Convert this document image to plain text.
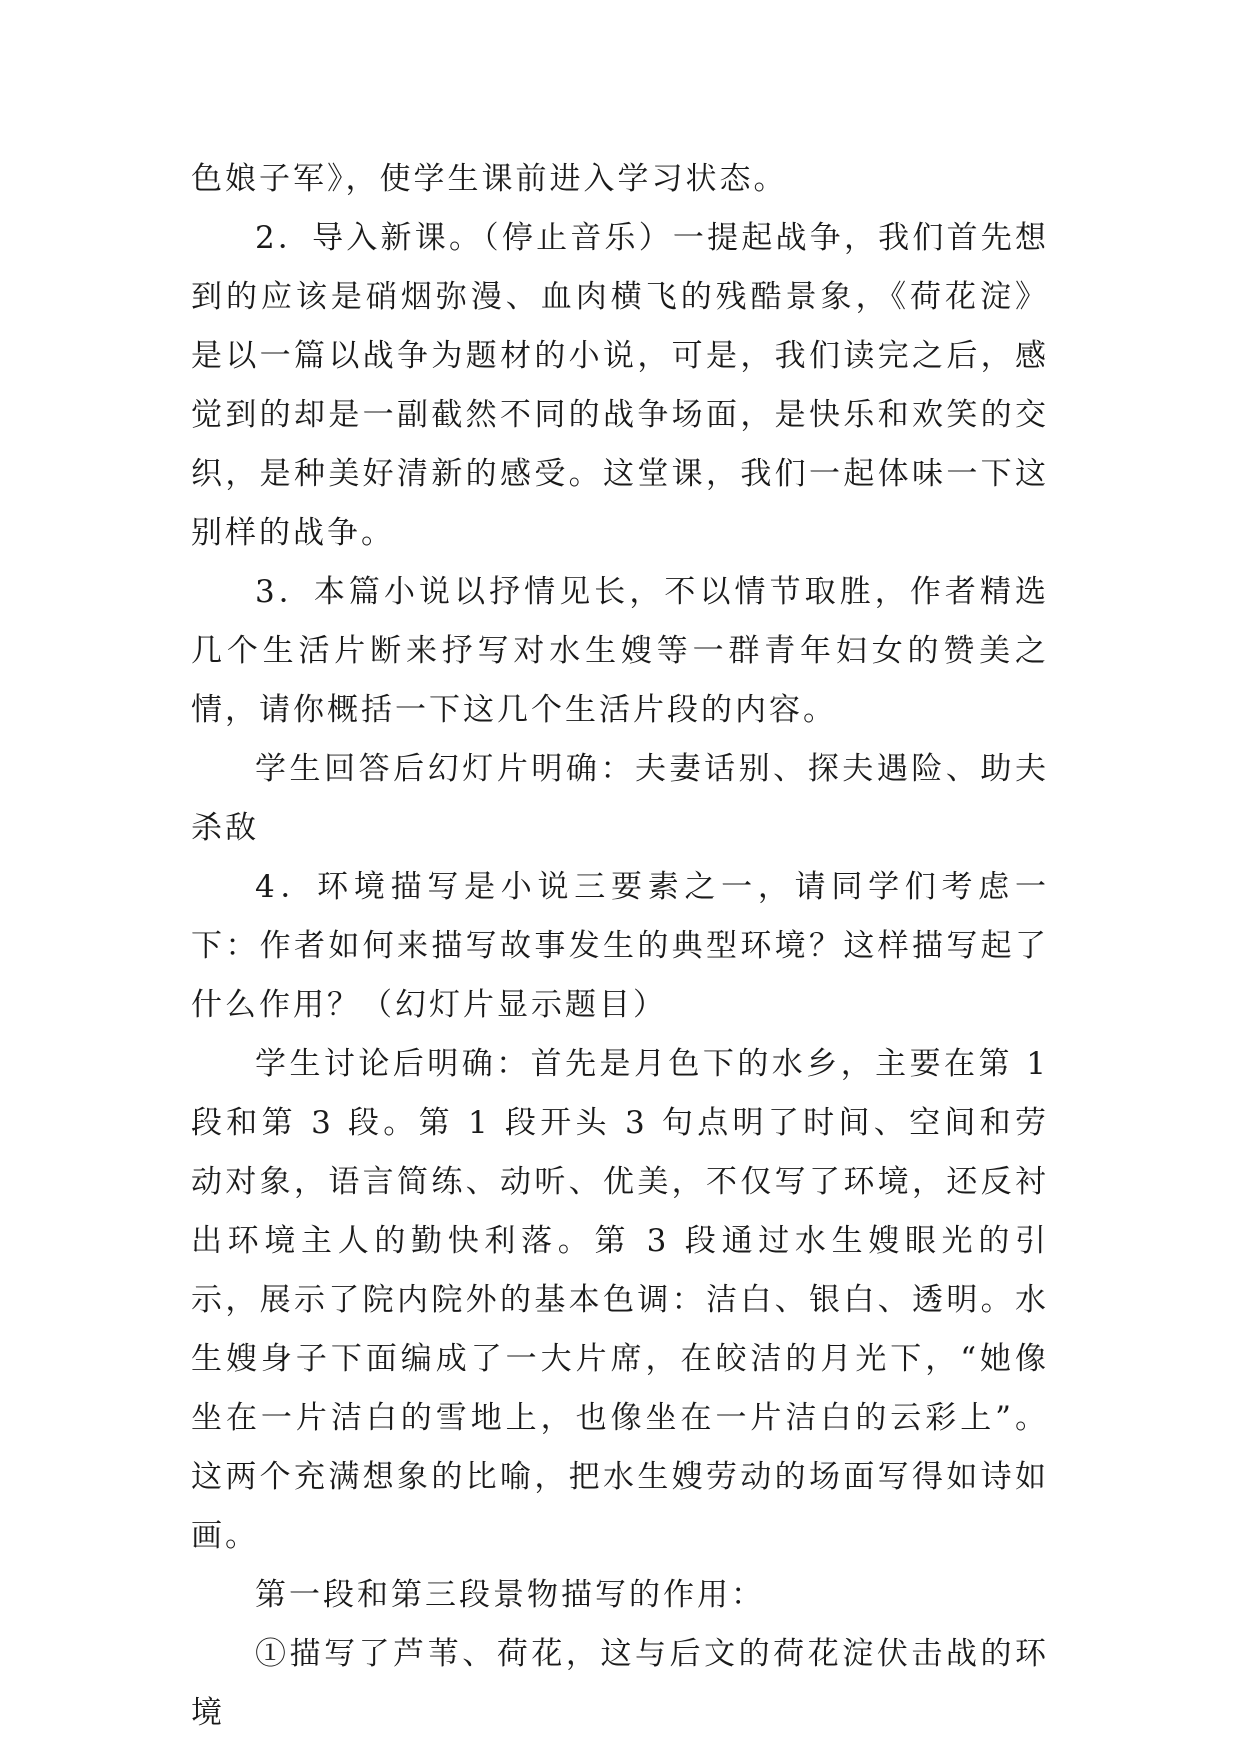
色娘子军》，使学生课前进入学习状态。

2．导入新课。（停止音乐）一提起战争，我们首先想到的应该是硝烟弥漫、血肉横飞的残酷景象，《荷花淀》是以一篇以战争为题材的小说，可是，我们读完之后，感觉到的却是一副截然不同的战争场面，是快乐和欢笑的交织，是种美好清新的感受。这堂课，我们一起体味一下这别样的战争。

3．本篇小说以抒情见长，不以情节取胜，作者精选几个生活片断来抒写对水生嫂等一群青年妇女的赞美之情，请你概括一下这几个生活片段的内容。

学生回答后幻灯片明确：夫妻话别、探夫遇险、助夫杀敌

4．环境描写是小说三要素之一，请同学们考虑一下：作者如何来描写故事发生的典型环境？这样描写起了什么作用？（幻灯片显示题目）

学生讨论后明确：首先是月色下的水乡，主要在第 1 段和第 3 段。第 1 段开头 3 句点明了时间、空间和劳动对象，语言简练、动听、优美，不仅写了环境，还反衬出环境主人的勤快利落。第 3 段通过水生嫂眼光的引示，展示了院内院外的基本色调：洁白、银白、透明。水生嫂身子下面编成了一大片席，在皎洁的月光下，“她像坐在一片洁白的雪地上，也像坐在一片洁白的云彩上”。这两个充满想象的比喻，把水生嫂劳动的场面写得如诗如画。

第一段和第三段景物描写的作用：

①描写了芦苇、荷花，这与后文的荷花淀伏击战的环境
